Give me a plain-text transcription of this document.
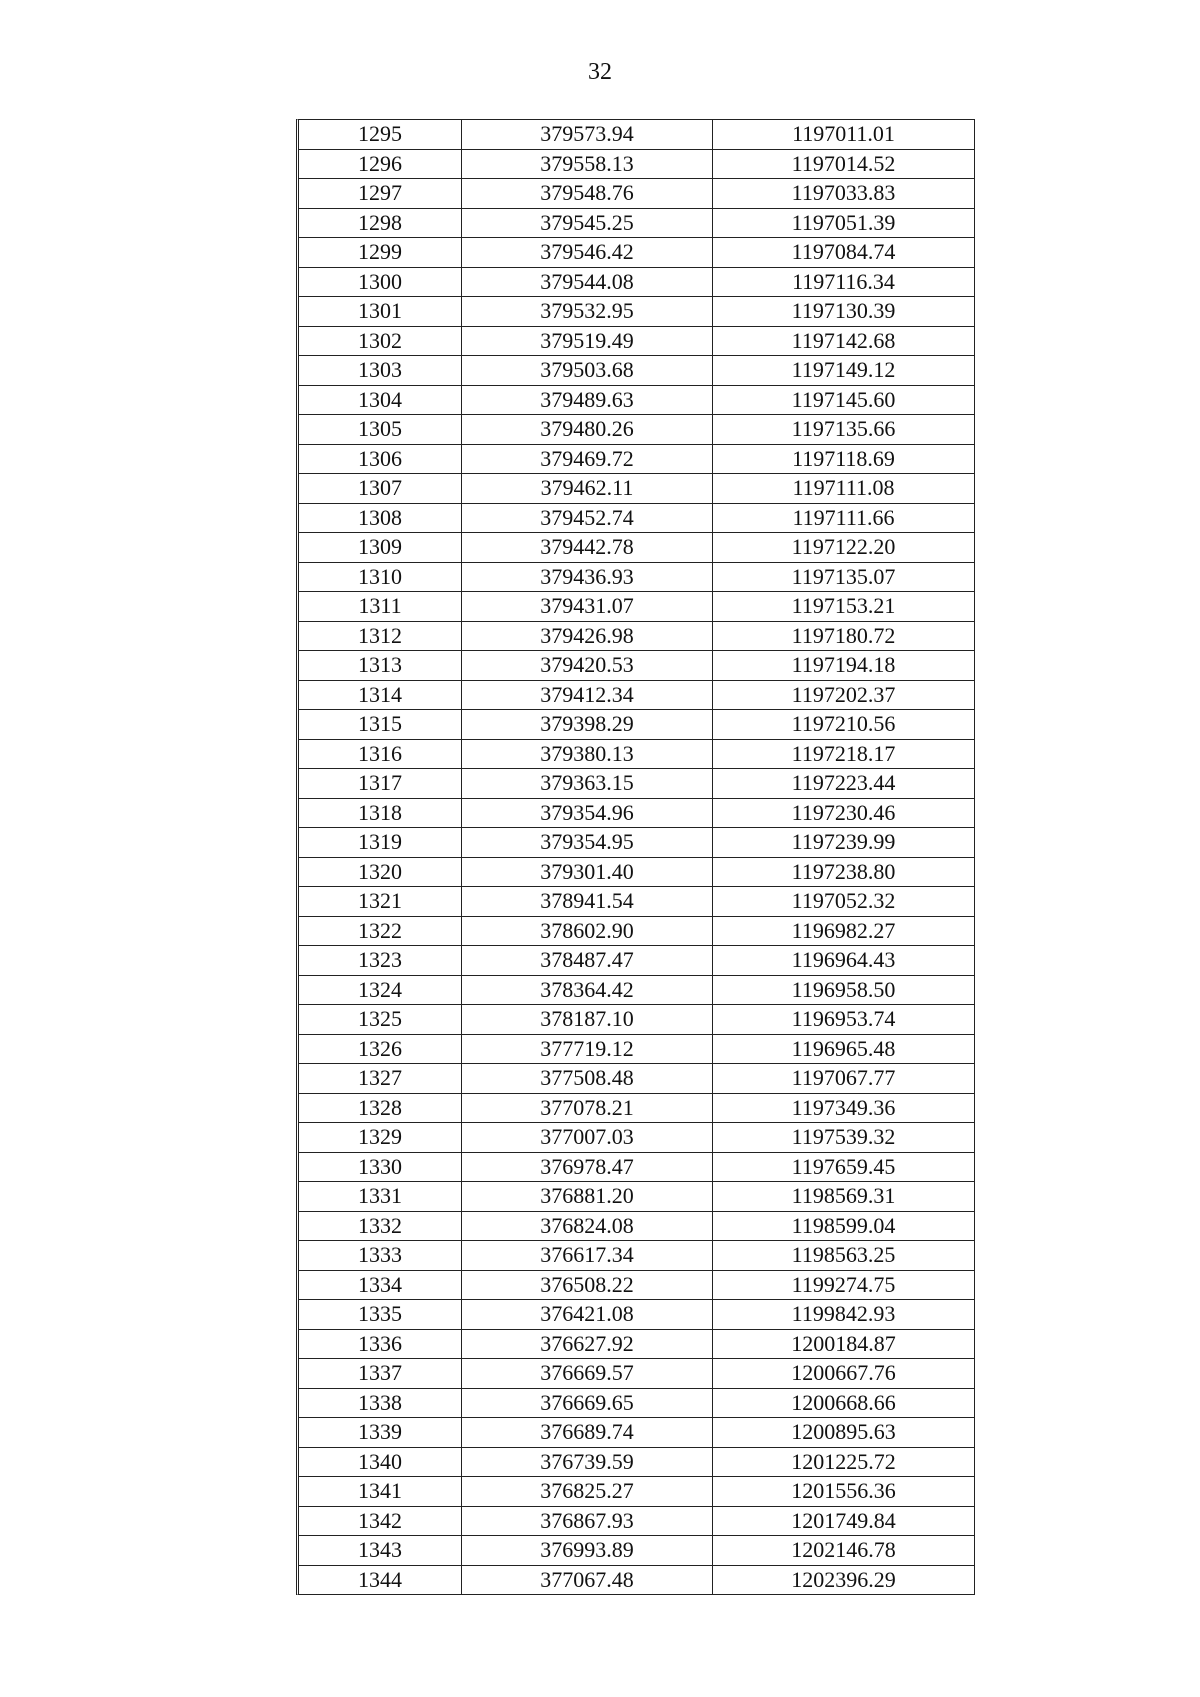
32
1295	379573.94	1197011.01
1296	379558.13	1197014.52
1297	379548.76	1197033.83
1298	379545.25	1197051.39
1299	379546.42	1197084.74
1300	379544.08	1197116.34
1301	379532.95	1197130.39
1302	379519.49	1197142.68
1303	379503.68	1197149.12
1304	379489.63	1197145.60
1305	379480.26	1197135.66
1306	379469.72	1197118.69
1307	379462.11	1197111.08
1308	379452.74	1197111.66
1309	379442.78	1197122.20
1310	379436.93	1197135.07
1311	379431.07	1197153.21
1312	379426.98	1197180.72
1313	379420.53	1197194.18
1314	379412.34	1197202.37
1315	379398.29	1197210.56
1316	379380.13	1197218.17
1317	379363.15	1197223.44
1318	379354.96	1197230.46
1319	379354.95	1197239.99
1320	379301.40	1197238.80
1321	378941.54	1197052.32
1322	378602.90	1196982.27
1323	378487.47	1196964.43
1324	378364.42	1196958.50
1325	378187.10	1196953.74
1326	377719.12	1196965.48
1327	377508.48	1197067.77
1328	377078.21	1197349.36
1329	377007.03	1197539.32
1330	376978.47	1197659.45
1331	376881.20	1198569.31
1332	376824.08	1198599.04
1333	376617.34	1198563.25
1334	376508.22	1199274.75
1335	376421.08	1199842.93
1336	376627.92	1200184.87
1337	376669.57	1200667.76
1338	376669.65	1200668.66
1339	376689.74	1200895.63
1340	376739.59	1201225.72
1341	376825.27	1201556.36
1342	376867.93	1201749.84
1343	376993.89	1202146.78
1344	377067.48	1202396.29
